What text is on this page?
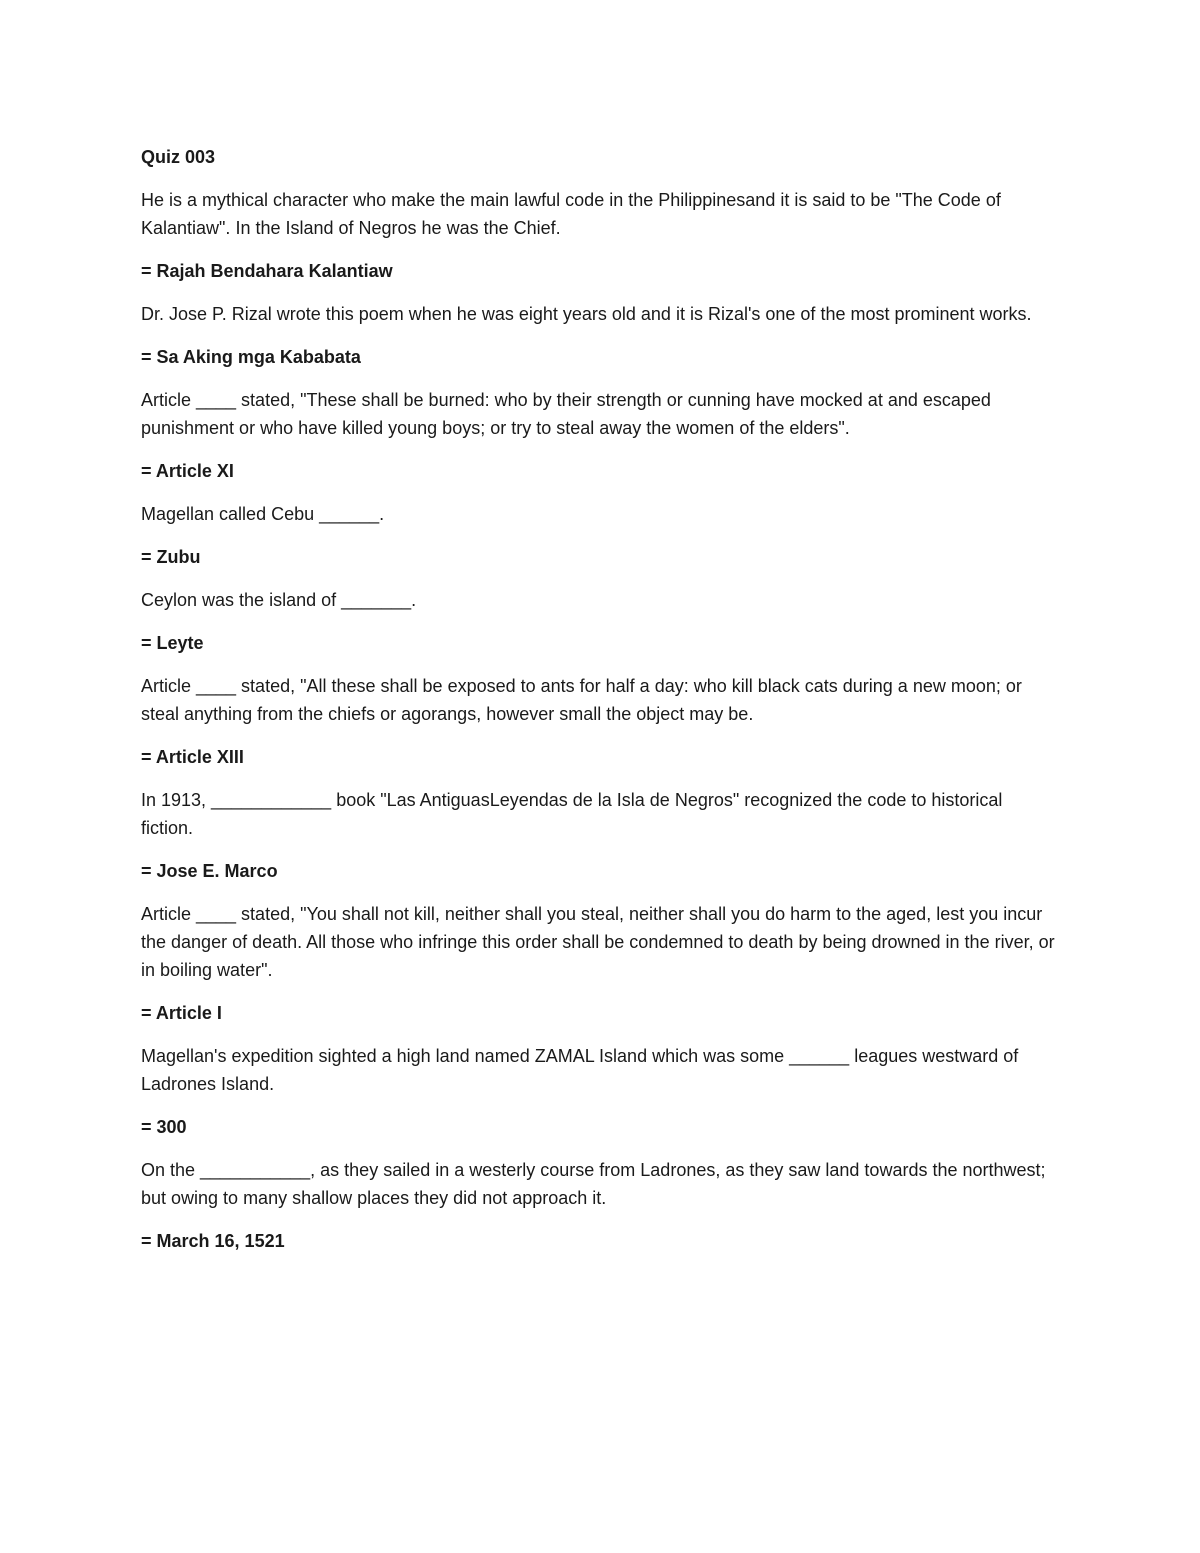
Quiz 003

He is a mythical character who make the main lawful code in the Philippinesand it is said to be "The Code of Kalantiaw". In the Island of Negros he was the Chief.

= Rajah Bendahara Kalantiaw

Dr. Jose P. Rizal wrote this poem when he was eight years old and it is Rizal's one of the most prominent works.

= Sa Aking mga Kababata

Article ____ stated, "These shall be burned: who by their strength or cunning have mocked at and escaped punishment or who have killed young boys; or try to steal away the women of the elders".

= Article XI

Magellan called Cebu ______.

= Zubu

Ceylon was the island of _______.

= Leyte

Article ____ stated, "All these shall be exposed to ants for half a day: who kill black cats during a new moon; or steal anything from the chiefs or agorangs, however small the object may be.

= Article XIII

In 1913, ____________ book "Las AntiguasLeyendas de la Isla de Negros" recognized the code to historical fiction.

= Jose E. Marco

Article ____ stated, "You shall not kill, neither shall you steal, neither shall you do harm to the aged, lest you incur the danger of death. All those who infringe this order shall be condemned to death by being drowned in the river, or in boiling water".

= Article I

Magellan's expedition sighted a high land named ZAMAL Island which was some ______ leagues westward of Ladrones Island.

= 300

On the ___________, as they sailed in a westerly course from Ladrones, as they saw land towards the northwest; but owing to many shallow places they did not approach it.

= March 16, 1521
